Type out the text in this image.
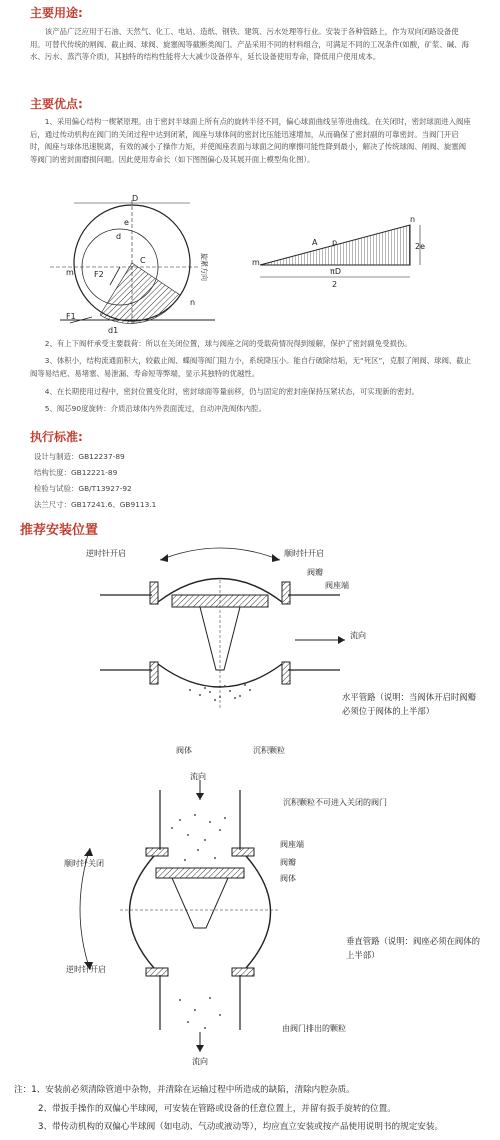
主要用途:
该产品广泛应用于石油、天然气、化工、电站、造纸、钢铁、建筑、污水处理等行业。安装于各种管路上，作为双向闭路设备使用。可替代传统的闸阀、截止阀、球阀、旋塞阀等截断类阀门。产品采用不同的材料组合，可满足不同的工况条件(如酸，矿浆、碱、海水、污水、蒸汽等介质)，其独特的结构性能将大大减少设备停车，延长设备使用寿命，降低用户使用成本。
主要优点:
1、采用偏心结构一楔紧原理。由于密封半球面上所有点的旋转半径不同，偏心球面曲线呈等进曲线。在关闭时，密封球面进入阀座后，通过传动机构在阀门的关闭过程中达到闭紧，阀座与球体间的密封比压能迅速增加，从而确保了密封副的可靠密封。当阀门开启时，阀座与球体迅速脱离，有效的减小了操作力矩，并使阀座表面与球面之间的摩擦可能性降到最小，解决了传统球阀、闸阀、旋塞阀等阀门的密封面磨损问题。因此使用寿命长（如下图图偏心及其展开面上模型角化图）。
D
e
d
C
m	F2
F1
n
旋紧方向
d1
n
m
A p
πD
2
2e
2、有上下阀杆承受主要载荷：所以在关闭位置，球与阀座之间的受载荷情况得到缓解，保护了密封副免受损伤。
3、体积小，结构流通面积大，较截止阀、蝶阀等阀门阻力小，系统降压小。能自行破除结垢，无“死区”，克服了闸阀、球阀、截止阀等易结疤、易堵塞、易泄漏、寿命短等弊端，显示其独特的优越性。
4、在长期使用过程中，密封位置变化时，密封球面等量前移，仍与固定的密封座保持压紧状态，可实现新的密封。
5、阀芯90度旋转：介质沿球体内外表面流过，自动冲洗阀体内腔。
执行标准:
设计与制造：GB12237-89
结构长度：GB12221-89
检验与试验：GB/T13927-92
法兰尺寸：GB17241.6、GB9113.1
推荐安装位置
逆时针开启	顺时针开启
阀瓣
阀座端
流向
阀体	沉积颗粒
水平管路（说明：当阀体开启时阀瓣必须位于阀体的上半部）
流向
沉积颗粒不可进入关闭的阀门
顺时针关闭
阀座端
阀瓣
阀体
逆时针开启
由阀门排出的颗粒
流向
垂直管路（说明：阀座必须在阀体的上半部）
注：1、安装前必须清除管道中杂物，并清除在运输过程中所造成的缺陷，清除内腔杂质。
2、带扳手操作的双偏心半球阀，可安装在管路或设备的任意位置上，并留有扳手旋转的位置。
3、带传动机构的双偏心半球阀（如电动、气动或液动等），均应直立安装或按产品使用说明书的规定安装。
